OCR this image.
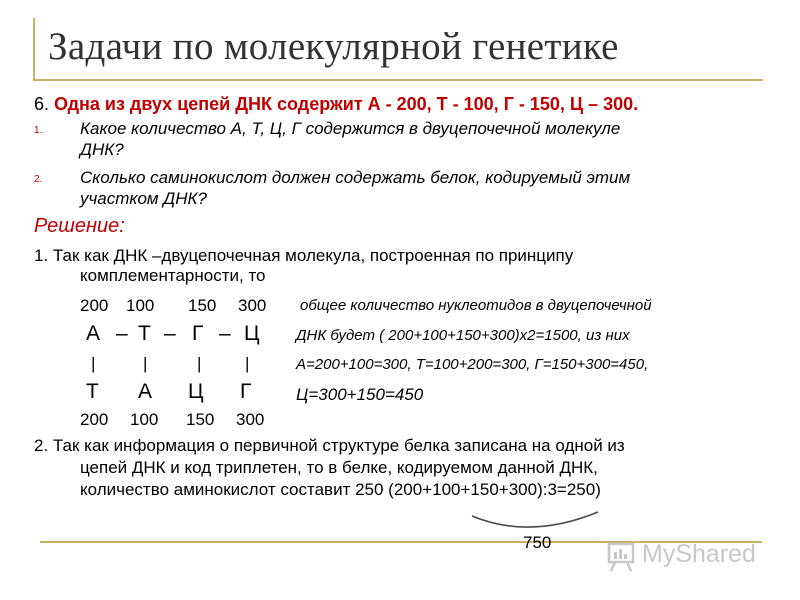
Задачи по молекулярной генетике
6. Одна из двух цепей ДНК содержит А - 200, Т - 100, Г - 150, Ц – 300.
1. Какое количество А, Т, Ц, Г содержится в двуцепочечной молекуле
ДНК?
2. Сколько саминокислот должен содержать белок, кодируемый этим
участком ДНК?
Решение:
1. Так как ДНК –двуцепочечная молекула, построенная по принципу
комплементарности, то
200 100 150 300
А – Т – Г – Ц
|	|	|	|
Т А Ц Г
200 100 150 300
общее количество нуклеотидов в двуцепочечной
ДНК будет ( 200+100+150+300)х2=1500, из них
А=200+100=300, Т=100+200=300, Г=150+300=450,
Ц=300+150=450
2. Так как информация о первичной структуре белка записана на одной из
цепей ДНК и код триплетен, то в белке, кодируемом данной ДНК,
количество аминокислот составит 250 (200+100+150+300):3=250)
750	MyShared
